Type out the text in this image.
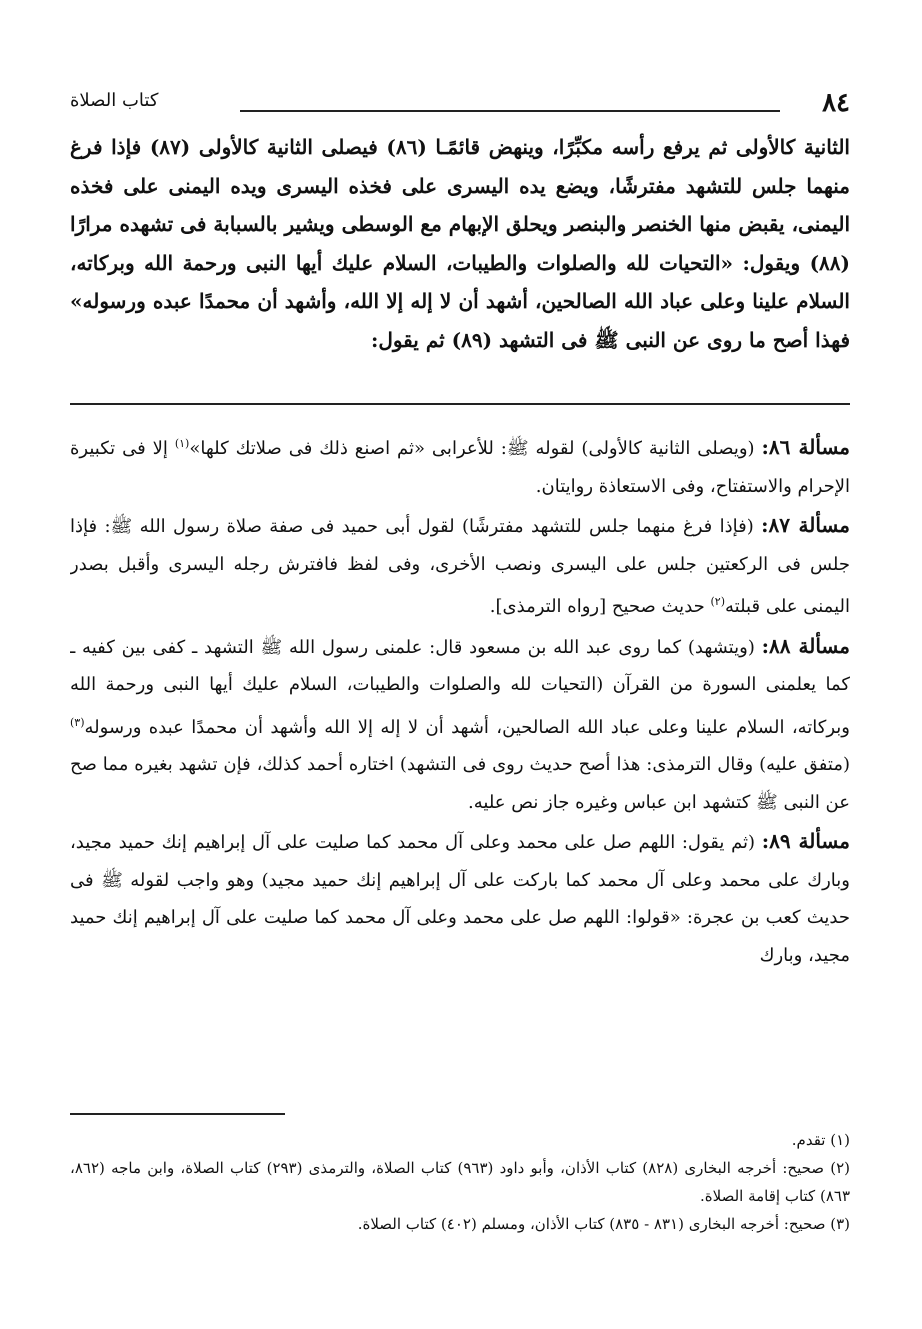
٨٤
كتاب الصلاة

الثانية كالأولى ثم يرفع رأسه مكبِّرًا، وينهض قائمًـا (٨٦) فيصلى الثانية كالأولى (٨٧) فإذا فرغ منهما جلس للتشهد مفترشًا، ويضع يده اليسرى على فخذه اليسرى ويده اليمنى على فخذه اليمنى، يقبض منها الخنصر والبنصر ويحلق الإبهام مع الوسطى ويشير بالسبابة فى تشهده مرارًا (٨٨) ويقول: «التحيات لله والصلوات والطيبات، السلام عليك أيها النبى ورحمة الله وبركاته، السلام علينا وعلى عباد الله الصالحين، أشهد أن لا إله إلا الله، وأشهد أن محمدًا عبده ورسوله» فهذا أصح ما روى عن النبى ﷺ فى التشهد (٨٩) ثم يقول:

مسألة ٨٦: (ويصلى الثانية كالأولى) لقوله ﷺ: للأعرابى «ثم اصنع ذلك فى صلاتك كلها»$^{(١)}$ إلا فى تكبيرة الإحرام والاستفتاح، وفى الاستعاذة روايتان.

مسألة ٨٧: (فإذا فرغ منهما جلس للتشهد مفترشًا) لقول أبى حميد فى صفة صلاة رسول الله ﷺ: فإذا جلس فى الركعتين جلس على اليسرى ونصب الأخرى، وفى لفظ فافترش رجله اليسرى وأقبل بصدر اليمنى على قبلته$^{(٢)}$ حديث صحيح [رواه الترمذى].

مسألة ٨٨: (ويتشهد) كما روى عبد الله بن مسعود قال: علمنى رسول الله ﷺ التشهد ـ كفى بين كفيه ـ كما يعلمنى السورة من القرآن (التحيات لله والصلوات والطيبات، السلام عليك أيها النبى ورحمة الله وبركاته، السلام علينا وعلى عباد الله الصالحين، أشهد أن لا إله إلا الله وأشهد أن محمدًا عبده ورسوله$^{(٣)}$ (متفق عليه) وقال الترمذى: هذا أصح حديث روى فى التشهد) اختاره أحمد كذلك، فإن تشهد بغيره مما صح عن النبى ﷺ كتشهد ابن عباس وغيره جاز نص عليه.

مسألة ٨٩: (ثم يقول: اللهم صل على محمد وعلى آل محمد كما صليت على آل إبراهيم إنك حميد مجيد، وبارك على محمد وعلى آل محمد كما باركت على آل إبراهيم إنك حميد مجيد) وهو واجب لقوله ﷺ فى حديث كعب بن عجرة: «قولوا: اللهم صل على محمد وعلى آل محمد كما صليت على آل إبراهيم إنك حميد مجيد، وبارك

(١) تقدم.

(٢) صحيح: أخرجه البخارى (٨٢٨) كتاب الأذان، وأبو داود (٩٦٣) كتاب الصلاة، والترمذى (٢٩٣) كتاب الصلاة، وابن ماجه (٨٦٢، ٨٦٣) كتاب إقامة الصلاة.

(٣) صحيح: أخرجه البخارى (٨٣١ - ٨٣٥) كتاب الأذان، ومسلم (٤٠٢) كتاب الصلاة.
